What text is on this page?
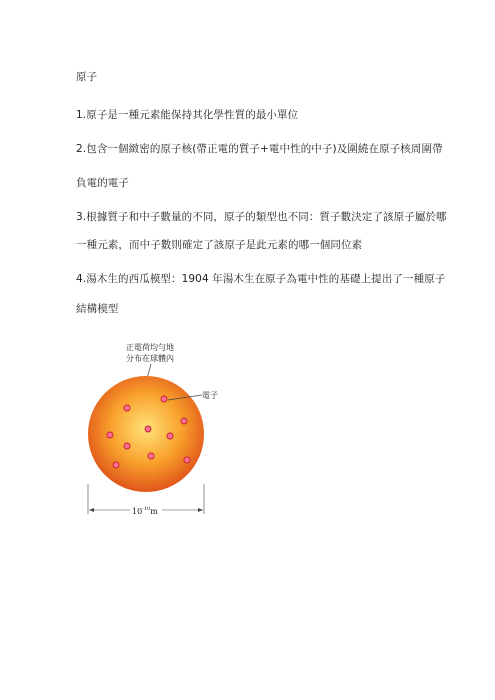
原子
1.原子是一種元素能保持其化學性質的最小單位
2.包含一個緻密的原子核(帶正電的質子+電中性的中子)及圍繞在原子核周圍帶
負電的電子
3.根據質子和中子數量的不同，原子的類型也不同：質子數決定了該原子屬於哪
一種元素，而中子數則確定了該原子是此元素的哪一個同位素
4.湯木生的西瓜模型：1904 年湯木生在原子為電中性的基礎上提出了一種原子
結構模型
正電荷均勻地
分布在球體內
電子
$10^{-10}m$
